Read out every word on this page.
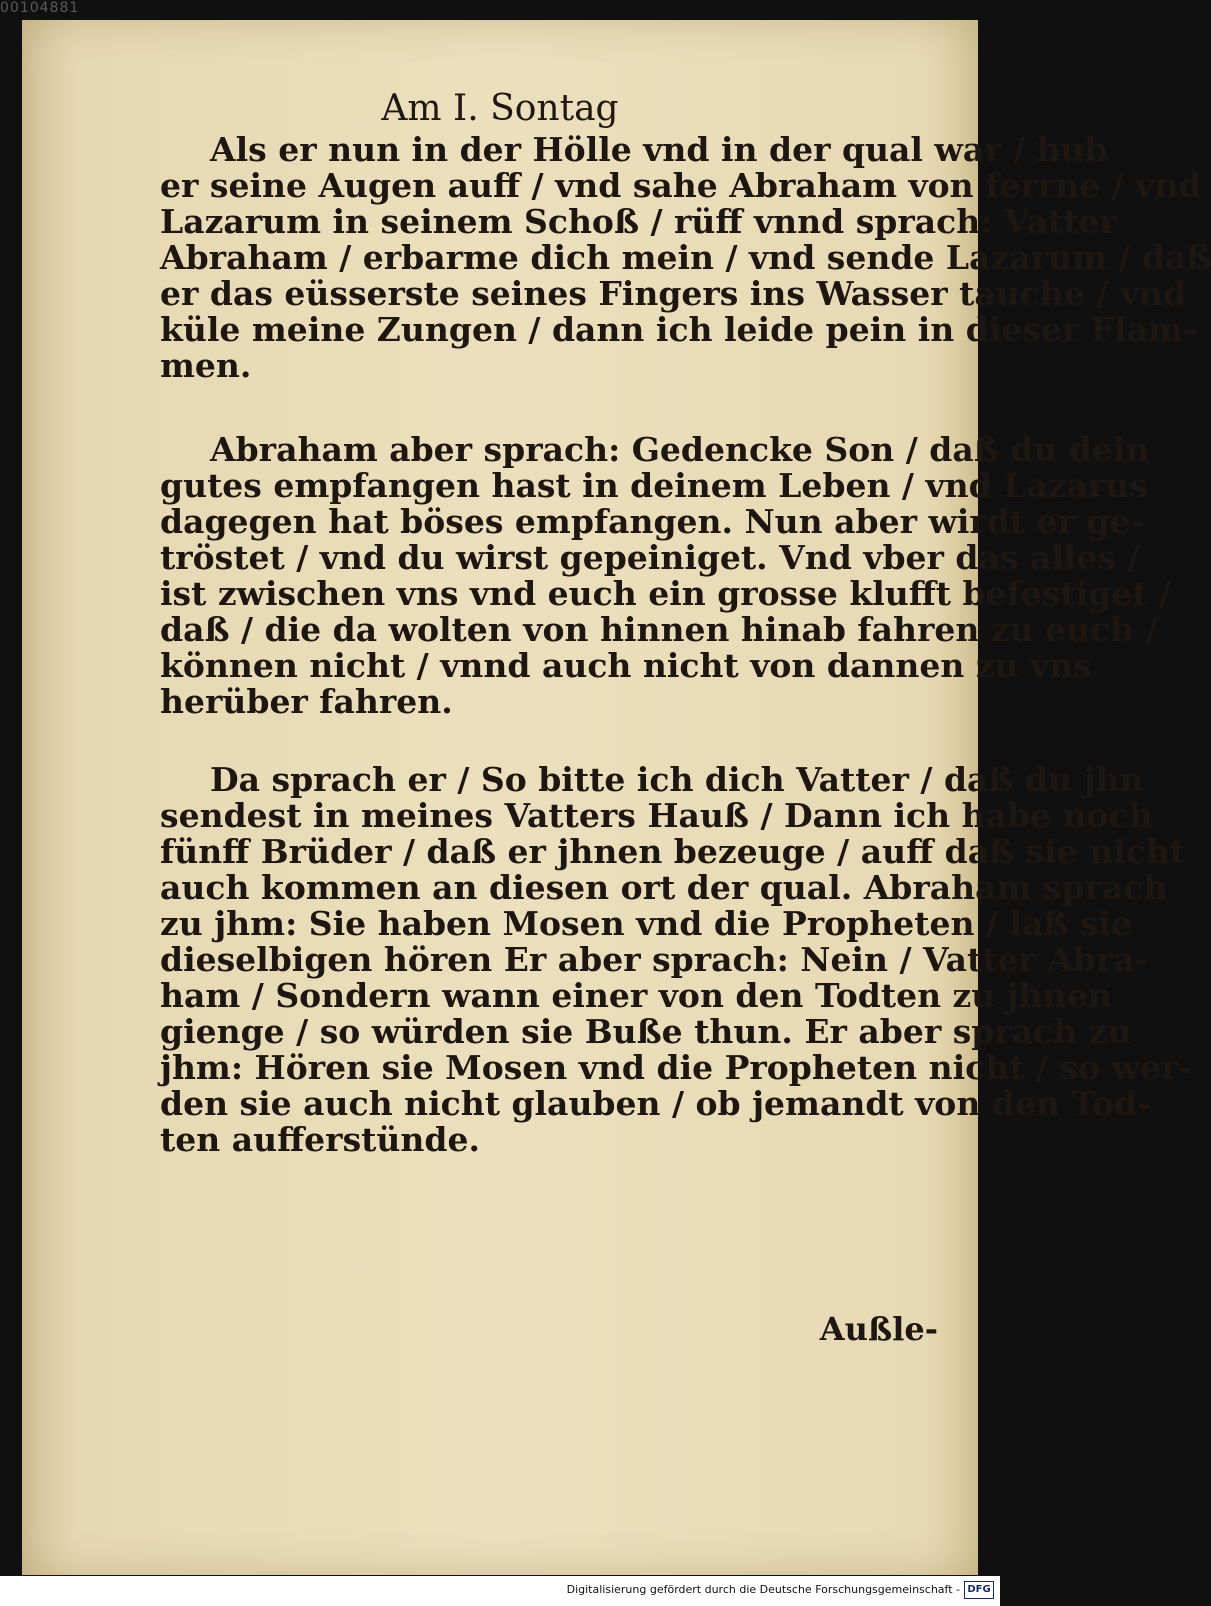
00104881
Am I. Sontag
Als er nun in der Hölle vnd in der qual war / hub
er seine Augen auff / vnd sahe Abraham von ferrne / vnd
Lazarum in seinem Schoß / rüff vnnd sprach: Vatter
Abraham / erbarme dich mein / vnd sende Lazarum / daß
er das eüsserste seines Fingers ins Wasser tauche / vnd
küle meine Zungen / dann ich leide pein in dieser Flam-
men.
Abraham aber sprach: Gedencke Son / daß du dein
gutes empfangen hast in deinem Leben / vnd Lazarus
dagegen hat böses empfangen. Nun aber wirdt er ge-
tröstet / vnd du wirst gepeiniget. Vnd vber das alles /
ist zwischen vns vnd euch ein grosse klufft befestiget /
daß / die da wolten von hinnen hinab fahren zu euch /
können nicht / vnnd auch nicht von dannen zu vns
herüber fahren.
Da sprach er / So bitte ich dich Vatter / daß du jhn
sendest in meines Vatters Hauß / Dann ich habe noch
fünff Brüder / daß er jhnen bezeuge / auff daß sie nicht
auch kommen an diesen ort der qual. Abraham sprach
zu jhm: Sie haben Mosen vnd die Propheten / laß sie
dieselbigen hören Er aber sprach: Nein / Vatter Abra-
ham / Sondern wann einer von den Todten zu jhnen
gienge / so würden sie Buße thun. Er aber sprach zu
jhm: Hören sie Mosen vnd die Propheten nicht / so wer-
den sie auch nicht glauben / ob jemandt von den Tod-
ten aufferstünde.
Außle-
Digitalisierung gefördert durch die Deutsche Forschungsgemeinschaft - DFG
